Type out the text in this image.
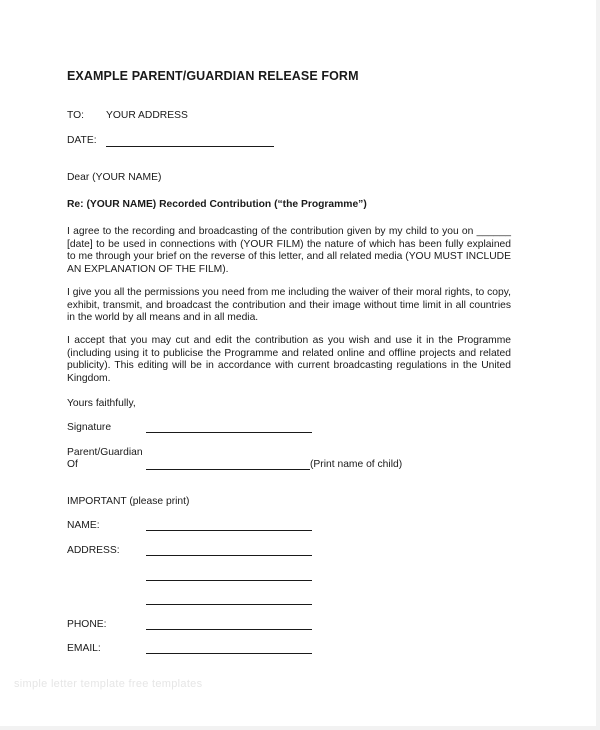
EXAMPLE PARENT/GUARDIAN RELEASE FORM
TO: YOUR ADDRESS
DATE:
Dear (YOUR NAME)
Re: (YOUR NAME) Recorded Contribution (“the Programme”)
I agree to the recording and broadcasting of the contribution given by my child to you on ______ [date] to be used in connections with (YOUR FILM) the nature of which has been fully explained to me through your brief on the reverse of this letter, and all related media (YOU MUST INCLUDE AN EXPLANATION OF THE FILM).
I give you all the permissions you need from me including the waiver of their moral rights, to copy, exhibit, transmit, and broadcast the contribution and their image without time limit in all countries in the world by all means and in all media.
I accept that you may cut and edit the contribution as you wish and use it in the Programme (including using it to publicise the Programme and related online and offline projects and related publicity). This editing will be in accordance with current broadcasting regulations in the United Kingdom.
Yours faithfully,
Signature
Parent/Guardian
Of	(Print name of child)
IMPORTANT (please print)
NAME:
ADDRESS:
PHONE:
EMAIL:
simple letter template free templates
